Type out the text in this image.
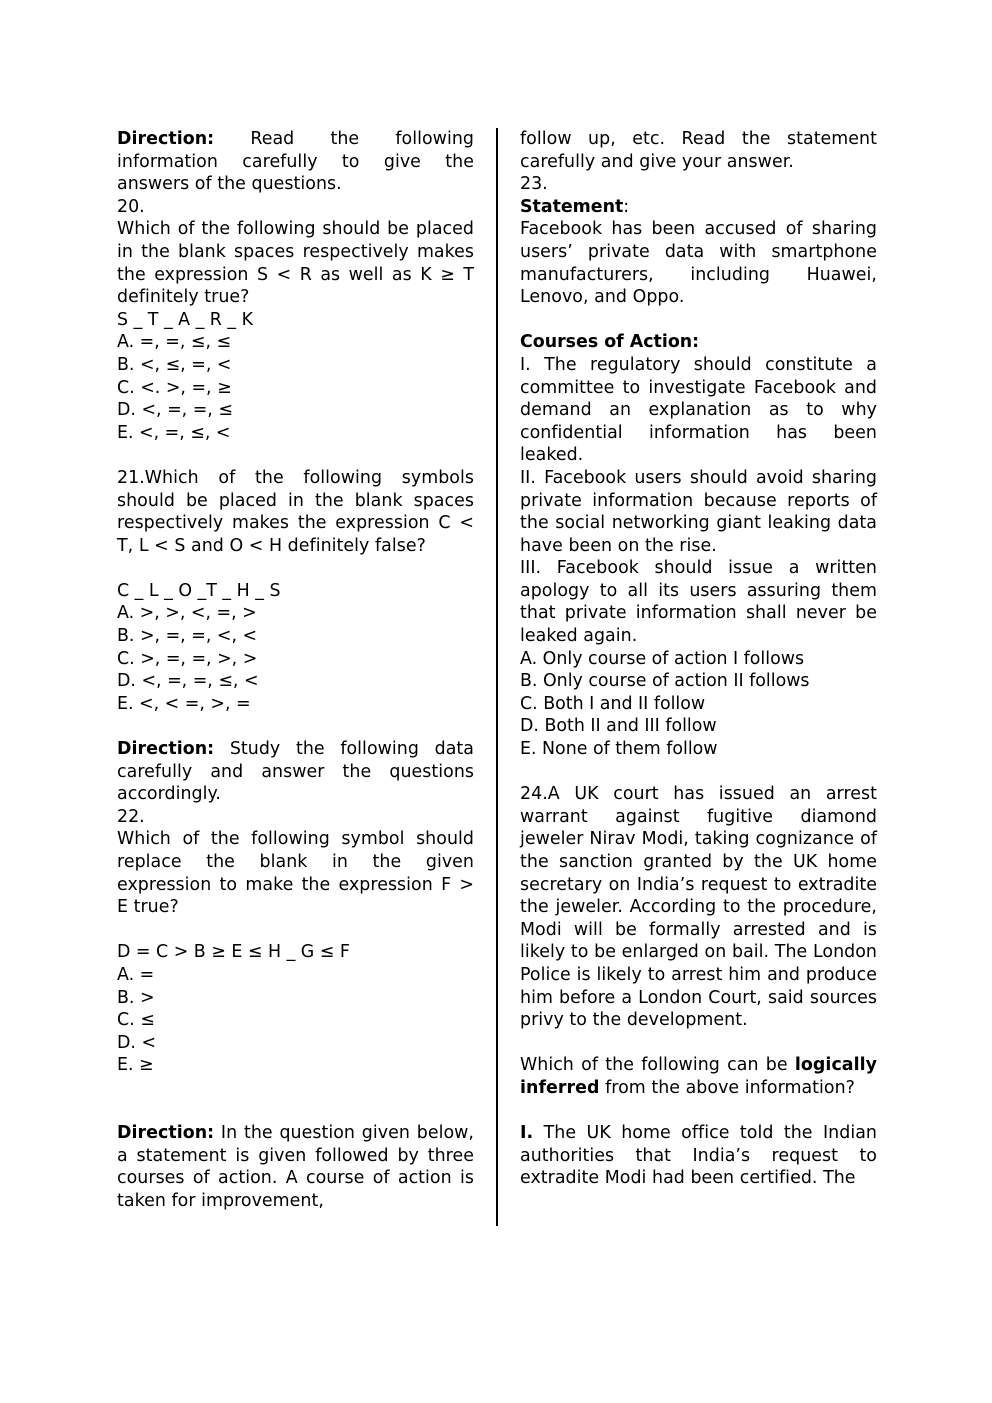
Direction: Read the following information carefully to give the answers of the questions.

20.

Which of the following should be placed in the blank spaces respectively makes the expression S < R as well as K ≥ T definitely true?

S _ T _ A _ R _ K

A. =, =, ≤, ≤

B. <, ≤, =, <

C. <. >, =, ≥

D. <, =, =, ≤

E. <, =, ≤, <

21.Which of the following symbols should be placed in the blank spaces respectively makes the expression C < T, L < S and O < H definitely false?

C _ L _ O _T _ H _ S

A. >, >, <, =, >

B. >, =, =, <, <

C. >, =, =, >, >

D. <, =, =, ≤, <

E. <, < =, >, =

Direction: Study the following data carefully and answer the questions accordingly.

22.

Which of the following symbol should replace the blank in the given expression to make the expression F > E true?

D = C > B ≥ E ≤ H _ G ≤ F

A. =

B. >

C. ≤

D. <

E. ≥

Direction: In the question given below, a statement is given followed by three courses of action. A course of action is taken for improvement,

follow up, etc. Read the statement carefully and give your answer.

23.

Statement:

Facebook has been accused of sharing users’ private data with smartphone manufacturers, including Huawei, Lenovo, and Oppo.

Courses of Action:

I. The regulatory should constitute a committee to investigate Facebook and demand an explanation as to why confidential information has been leaked.

II. Facebook users should avoid sharing private information because reports of the social networking giant leaking data have been on the rise.

III. Facebook should issue a written apology to all its users assuring them that private information shall never be leaked again.

A. Only course of action I follows

B. Only course of action II follows

C. Both I and II follow

D. Both II and III follow

E. None of them follow

24.A UK court has issued an arrest warrant against fugitive diamond jeweler Nirav Modi, taking cognizance of the sanction granted by the UK home secretary on India’s request to extradite the jeweler. According to the procedure, Modi will be formally arrested and is likely to be enlarged on bail. The London Police is likely to arrest him and produce him before a London Court, said sources privy to the development.

Which of the following can be logically inferred from the above information?

I. The UK home office told the Indian authorities that India’s request to extradite Modi had been certified. The
